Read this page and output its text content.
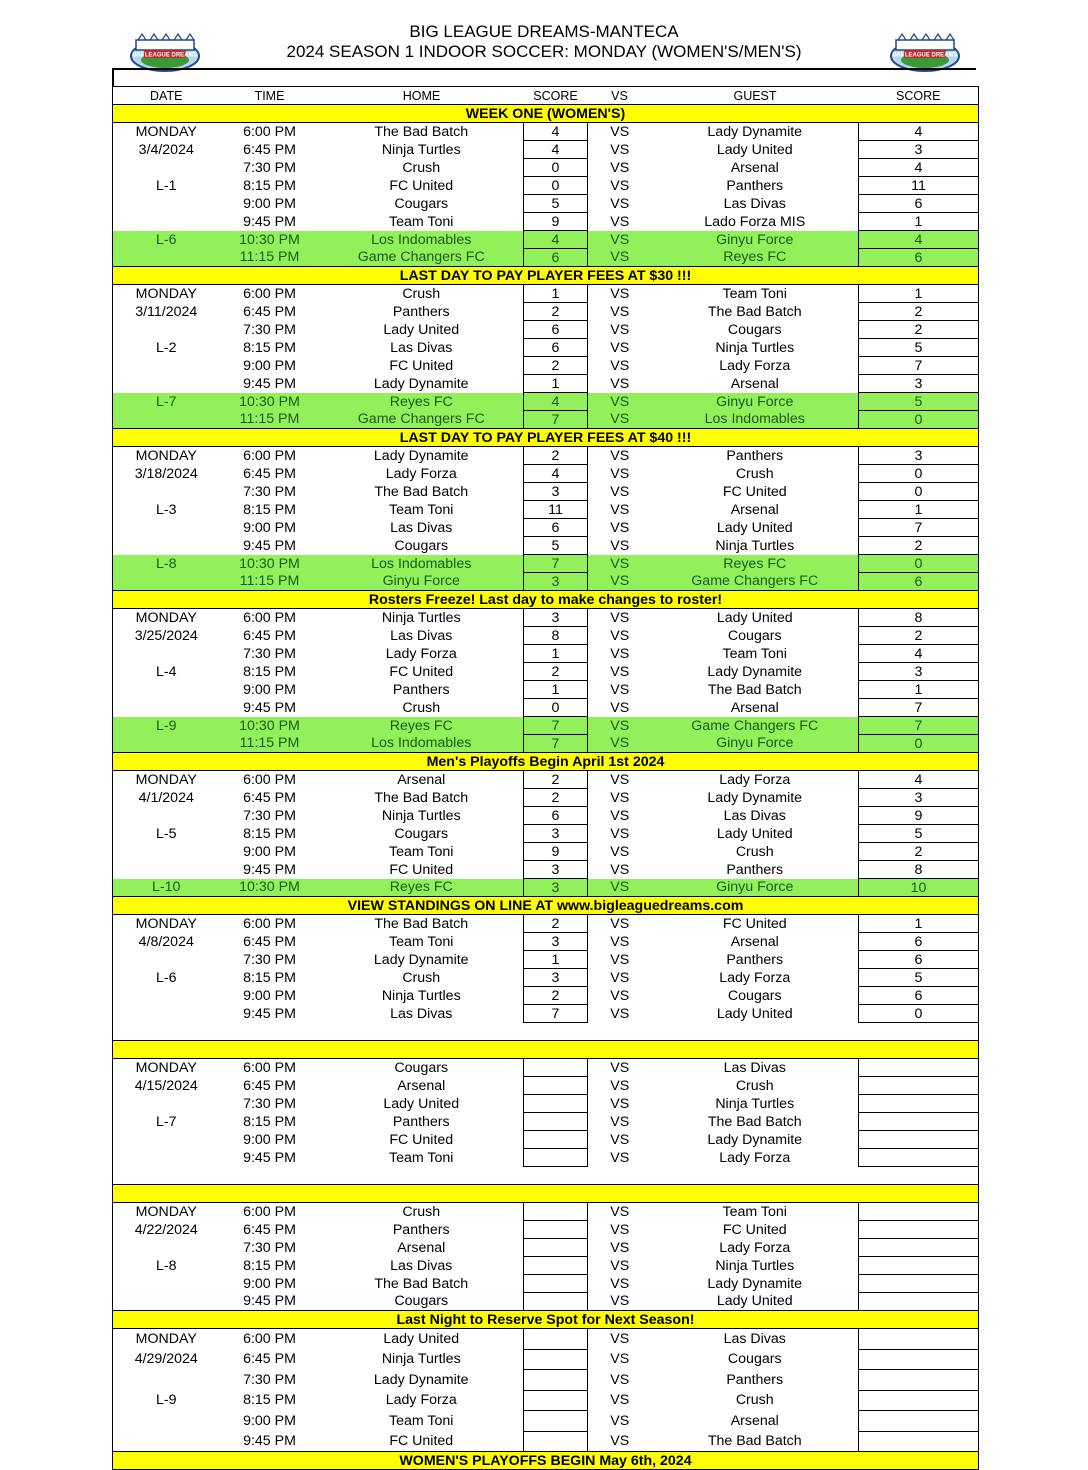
BIG LEAGUE DREAMS-MANTECA
2024 SEASON 1 INDOOR SOCCER: MONDAY (WOMEN'S/MEN'S)
BIG LEAGUE DREAMS	BIG LEAGUE DREAMS
DATE	TIME	HOME	SCORE	VS	GUEST	SCORE
WEEK ONE (WOMEN'S)						
MONDAY	6:00 PM	The Bad Batch	4	VS	Lady Dynamite	4
3/4/2024	6:45 PM	Ninja Turtles	4	VS	Lady United	3
	7:30 PM	Crush	0	VS	Arsenal	4
L-1	8:15 PM	FC United	0	VS	Panthers	11
	9:00 PM	Cougars	5	VS	Las Divas	6
	9:45 PM	Team Toni	9	VS	Lado Forza MIS	1
L-6	10:30 PM	Los Indomables	4	VS	Ginyu Force	4
	11:15 PM	Game Changers FC	6	VS	Reyes FC	6
LAST DAY TO PAY PLAYER FEES AT $30 !!!						
MONDAY	6:00 PM	Crush	1	VS	Team Toni	1
3/11/2024	6:45 PM	Panthers	2	VS	The Bad Batch	2
	7:30 PM	Lady United	6	VS	Cougars	2
L-2	8:15 PM	Las Divas	6	VS	Ninja Turtles	5
	9:00 PM	FC United	2	VS	Lady Forza	7
	9:45 PM	Lady Dynamite	1	VS	Arsenal	3
L-7	10:30 PM	Reyes FC	4	VS	Ginyu Force	5
	11:15 PM	Game Changers FC	7	VS	Los Indomables	0
LAST DAY TO PAY PLAYER FEES AT $40 !!!						
MONDAY	6:00 PM	Lady Dynamite	2	VS	Panthers	3
3/18/2024	6:45 PM	Lady Forza	4	VS	Crush	0
	7:30 PM	The Bad Batch	3	VS	FC United	0
L-3	8:15 PM	Team Toni	11	VS	Arsenal	1
	9:00 PM	Las Divas	6	VS	Lady United	7
	9:45 PM	Cougars	5	VS	Ninja Turtles	2
L-8	10:30 PM	Los Indomables	7	VS	Reyes FC	0
	11:15 PM	Ginyu Force	3	VS	Game Changers FC	6
Rosters Freeze! Last day to make changes to roster!						
MONDAY	6:00 PM	Ninja Turtles	3	VS	Lady United	8
3/25/2024	6:45 PM	Las Divas	8	VS	Cougars	2
	7:30 PM	Lady Forza	1	VS	Team Toni	4
L-4	8:15 PM	FC United	2	VS	Lady Dynamite	3
	9:00 PM	Panthers	1	VS	The Bad Batch	1
	9:45 PM	Crush	0	VS	Arsenal	7
L-9	10:30 PM	Reyes FC	7	VS	Game Changers FC	7
	11:15 PM	Los Indomables	7	VS	Ginyu Force	0
Men's Playoffs Begin April 1st 2024						
MONDAY	6:00 PM	Arsenal	2	VS	Lady Forza	4
4/1/2024	6:45 PM	The Bad Batch	2	VS	Lady Dynamite	3
	7:30 PM	Ninja Turtles	6	VS	Las Divas	9
L-5	8:15 PM	Cougars	3	VS	Lady United	5
	9:00 PM	Team Toni	9	VS	Crush	2
	9:45 PM	FC United	3	VS	Panthers	8
L-10	10:30 PM	Reyes FC	3	VS	Ginyu Force	10
VIEW STANDINGS ON LINE AT www.bigleaguedreams.com						
MONDAY	6:00 PM	The Bad Batch	2	VS	FC United	1
4/8/2024	6:45 PM	Team Toni	3	VS	Arsenal	6
	7:30 PM	Lady Dynamite	1	VS	Panthers	6
L-6	8:15 PM	Crush	3	VS	Lady Forza	5
	9:00 PM	Ninja Turtles	2	VS	Cougars	6
	9:45 PM	Las Divas	7	VS	Lady United	0

MONDAY	6:00 PM	Cougars		VS	Las Divas	
4/15/2024	6:45 PM	Arsenal		VS	Crush	
	7:30 PM	Lady United		VS	Ninja Turtles	
L-7	8:15 PM	Panthers		VS	The Bad Batch	
	9:00 PM	FC United		VS	Lady Dynamite	
	9:45 PM	Team Toni		VS	Lady Forza	

MONDAY	6:00 PM	Crush		VS	Team Toni	
4/22/2024	6:45 PM	Panthers		VS	FC United	
	7:30 PM	Arsenal		VS	Lady Forza	
L-8	8:15 PM	Las Divas		VS	Ninja Turtles	
	9:00 PM	The Bad Batch		VS	Lady Dynamite	
	9:45 PM	Cougars		VS	Lady United	
Last Night to Reserve Spot for Next Season!						
MONDAY	6:00 PM	Lady United		VS	Las Divas	
4/29/2024	6:45 PM	Ninja Turtles		VS	Cougars	
	7:30 PM	Lady Dynamite		VS	Panthers	
L-9	8:15 PM	Lady Forza		VS	Crush	
	9:00 PM	Team Toni		VS	Arsenal	
	9:45 PM	FC United		VS	The Bad Batch	
WOMEN'S PLAYOFFS BEGIN May 6th, 2024						
